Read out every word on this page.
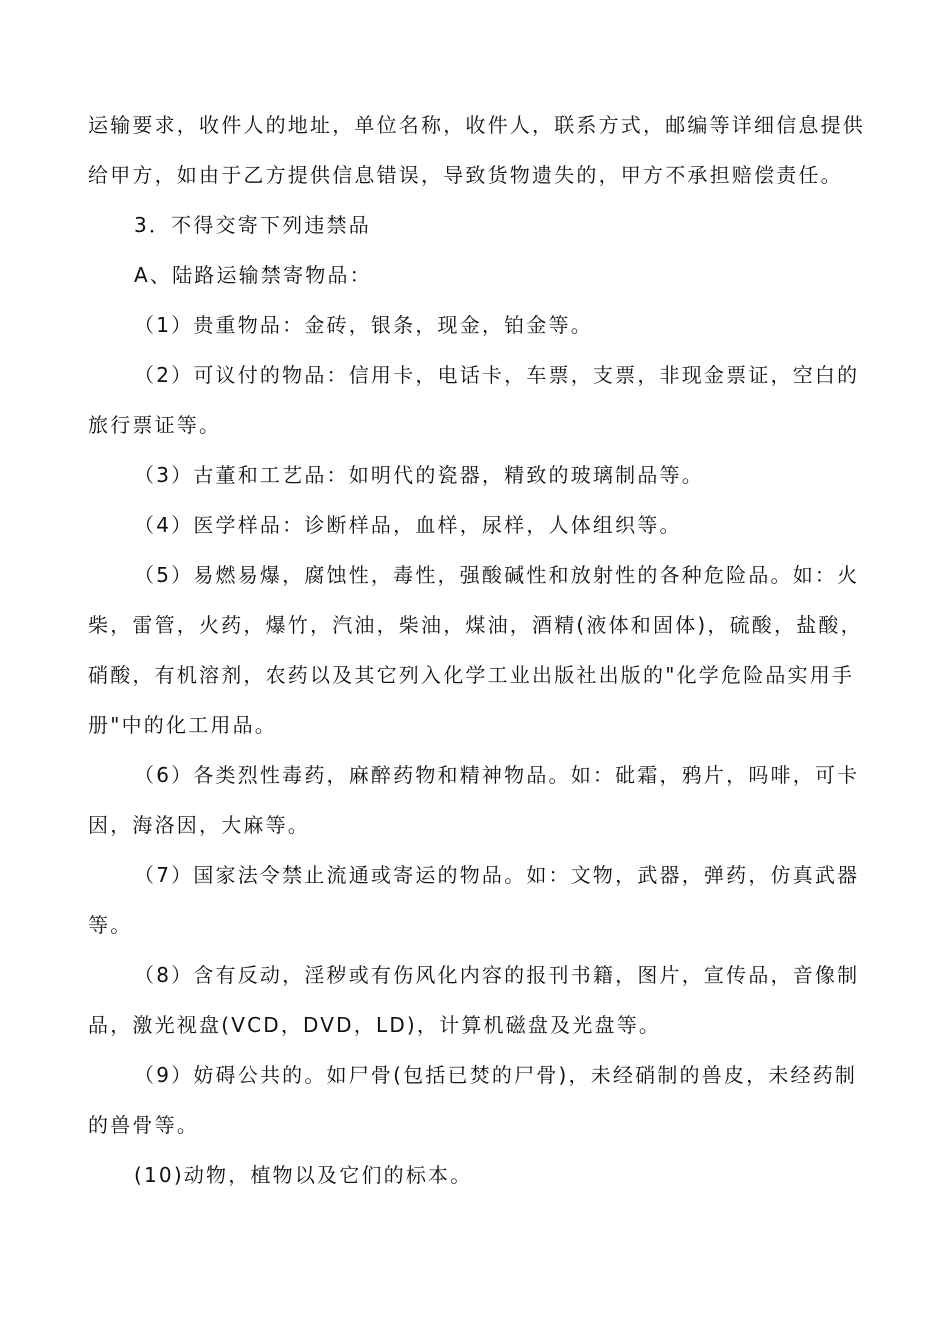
运输要求，收件人的地址，单位名称，收件人，联系方式，邮编等详细信息提供给甲方，如由于乙方提供信息错误，导致货物遗失的，甲方不承担赔偿责任。

3．不得交寄下列违禁品

A、陆路运输禁寄物品：

（1）贵重物品：金砖，银条，现金，铂金等。

（2）可议付的物品：信用卡，电话卡，车票，支票，非现金票证，空白的旅行票证等。

（3）古董和工艺品：如明代的瓷器，精致的玻璃制品等。

（4）医学样品：诊断样品，血样，尿样，人体组织等。

（5）易燃易爆，腐蚀性，毒性，强酸碱性和放射性的各种危险品。如：火柴，雷管，火药，爆竹，汽油，柴油，煤油，酒精(液体和固体)，硫酸，盐酸，硝酸，有机溶剂，农药以及其它列入化学工业出版社出版的"化学危险品实用手册"中的化工用品。

（6）各类烈性毒药，麻醉药物和精神物品。如：砒霜，鸦片，吗啡，可卡因，海洛因，大麻等。

（7）国家法令禁止流通或寄运的物品。如：文物，武器，弹药，仿真武器等。

（8）含有反动，淫秽或有伤风化内容的报刊书籍，图片，宣传品，音像制品，激光视盘(VCD，DVD，LD)，计算机磁盘及光盘等。

（9）妨碍公共的。如尸骨(包括已焚的尸骨)，未经硝制的兽皮，未经药制的兽骨等。

(10)动物，植物以及它们的标本。
